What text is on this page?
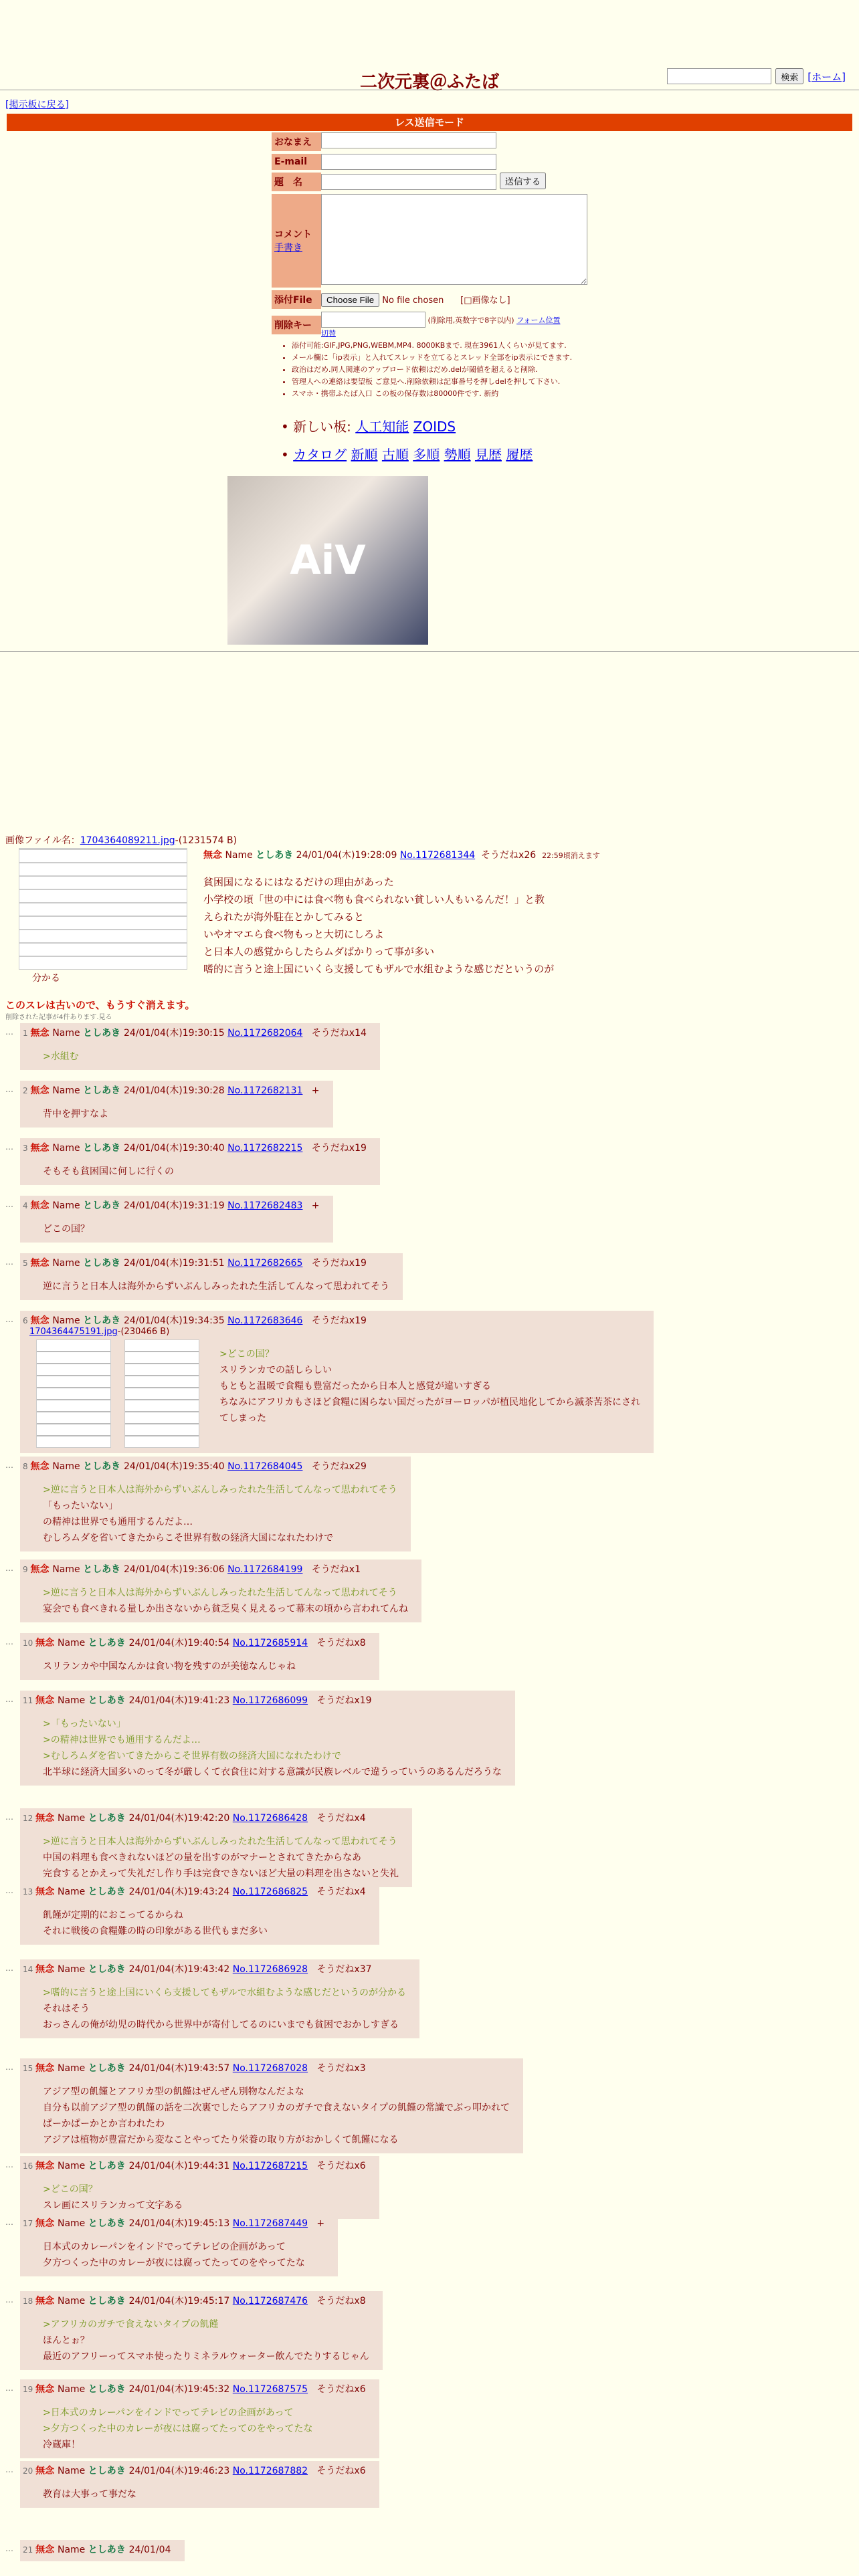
二次元裏＠ふたば	検索 [ホーム]
[掲示板に戻る]
レス送信モード
おなまえ
E-mail
題　名	送信する
コメント
手書き
添付File	Choose File No file chosen [□画像なし]
削除キー	(削除用,英数字で8字以内) フォーム位置
切替
• 添付可能:GIF,JPG,PNG,WEBM,MP4. 8000KBまで. 現在3961人くらいが見てます.
• メール欄に「ip表示」と入れてスレッドを立てるとスレッド全部をip表示にできます.
• 政治はだめ.同人関連のアップロード依頼はだめ.delが閾値を超えると削除.
• 管理人への連絡は要望板 ご意見へ.削除依頼は記事番号を押しdelを押して下さい.
• スマホ・携帯ふたば入口 この板の保存数は80000件です. 新約
• 新しい板: 人工知能 ZOIDS
• カタログ 新順 古順 多順 勢順 見歴 履歴
AiV
画像ファイル名：1704364089211.jpg-(1231574 B)
無念 Name としあき 24/01/04(木)19:28:09 No.1172681344 そうだねx26 22:59頃消えます
貧困国になるにはなるだけの理由があった
小学校の頃「世の中には食べ物も食べられない貧しい人もいるんだ！」と教
えられたが海外駐在とかしてみると
いやオマエら食べ物もっと大切にしろよ
と日本人の感覚からしたらムダばかりって事が多い
嗜的に言うと途上国にいくら支援してもザルで水組むような感じだというのが
分かる
このスレは古いので、もうすぐ消えます。
削除された記事が4件あります.見る
…	1 無念 Name としあき 24/01/04(木)19:30:15 No.1172682064   そうだねx14
>水組む
…	2 無念 Name としあき 24/01/04(木)19:30:28 No.1172682131   +
背中を押すなよ
…	3 無念 Name としあき 24/01/04(木)19:30:40 No.1172682215   そうだねx19
そもそも貧困国に何しに行くの
…	4 無念 Name としあき 24/01/04(木)19:31:19 No.1172682483   +
どこの国？
…	5 無念 Name としあき 24/01/04(木)19:31:51 No.1172682665   そうだねx19
逆に言うと日本人は海外からずいぶんしみったれた生活してんなって思われてそう
…	6 無念 Name としあき 24/01/04(木)19:34:35 No.1172683646   そうだねx19
1704364475191.jpg-(230466 B)
>どこの国？
スリランカでの話しらしい
もともと温暖で食糧も豊富だったから日本人と感覚が違いすぎる
ちなみにアフリカもさほど食糧に困らない国だったがヨーロッパが植民地化してから滅茶苦茶にされ
てしまった
…	8 無念 Name としあき 24/01/04(木)19:35:40 No.1172684045   そうだねx29
>逆に言うと日本人は海外からずいぶんしみったれた生活してんなって思われてそう
「もったいない」
の精神は世界でも通用するんだよ…
むしろムダを省いてきたからこそ世界有数の経済大国になれたわけで
…	9 無念 Name としあき 24/01/04(木)19:36:06 No.1172684199   そうだねx1
>逆に言うと日本人は海外からずいぶんしみったれた生活してんなって思われてそう
宴会でも食べきれる量しか出さないから貧乏臭く見えるって幕末の頃から言われてんね
…	10 無念 Name としあき 24/01/04(木)19:40:54 No.1172685914   そうだねx8
スリランカや中国なんかは食い物を残すのが美徳なんじゃね
…	11 無念 Name としあき 24/01/04(木)19:41:23 No.1172686099   そうだねx19
>「もったいない」
>の精神は世界でも通用するんだよ…
>むしろムダを省いてきたからこそ世界有数の経済大国になれたわけで
北半球に経済大国多いのって冬が厳しくて衣食住に対する意識が民族レベルで違うっていうのあるんだろうな
…	12 無念 Name としあき 24/01/04(木)19:42:20 No.1172686428   そうだねx4
>逆に言うと日本人は海外からずいぶんしみったれた生活してんなって思われてそう
中国の料理も食べきれないほどの量を出すのがマナーとされてきたからなあ
完食するとかえって失礼だし作り手は完食できないほど大量の料理を出さないと失礼
…	13 無念 Name としあき 24/01/04(木)19:43:24 No.1172686825   そうだねx4
飢饉が定期的におこってるからね
それに戦後の食糧難の時の印象がある世代もまだ多い
…	14 無念 Name としあき 24/01/04(木)19:43:42 No.1172686928   そうだねx37
>嗜的に言うと途上国にいくら支援してもザルで水組むような感じだというのが分かる
それはそう
おっさんの俺が幼児の時代から世界中が寄付してるのにいまでも貧困でおかしすぎる
…	15 無念 Name としあき 24/01/04(木)19:43:57 No.1172687028   そうだねx3
アジア型の飢饉とアフリカ型の飢饉はぜんぜん別物なんだよな
自分も以前アジア型の飢饉の話を二次裏でしたらアフリカのガチで食えないタイプの飢饉の常識でぶっ叩かれて
ぱーかぱーかとか言われたわ
アジアは植物が豊富だから変なことやってたり栄養の取り方がおかしくて飢饉になる
…	16 無念 Name としあき 24/01/04(木)19:44:31 No.1172687215   そうだねx6
>どこの国？
スレ画にスリランカって文字ある
…	17 無念 Name としあき 24/01/04(木)19:45:13 No.1172687449   +
日本式のカレーパンをインドでってテレビの企画があって
夕方つくった中のカレーが夜には腐ってたってのをやってたな
…	18 無念 Name としあき 24/01/04(木)19:45:17 No.1172687476   そうだねx8
>アフリカのガチで食えないタイプの飢饉
ほんとぉ？
最近のアフリーってスマホ使ったりミネラルウォーター飲んでたりするじゃん
…	19 無念 Name としあき 24/01/04(木)19:45:32 No.1172687575   そうだねx6
>日本式のカレーパンをインドでってテレビの企画があって
>夕方つくった中のカレーが夜には腐ってたってのをやってたな
冷蔵庫！
…	20 無念 Name としあき 24/01/04(木)19:46:23 No.1172687882   そうだねx6
教育は大事って事だな
…	21 無念 Name としあき 24/01/04
